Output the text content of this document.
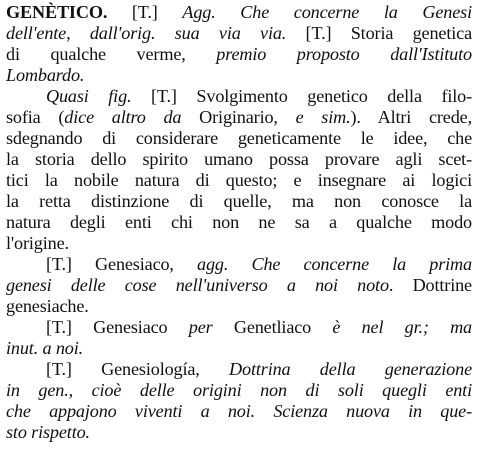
GENÈTICO. [T.] Agg. Che concerne la Genesi
dell'ente, dall'orig. sua via via. [T.] Storia genetica
di qualche verme, premio proposto dall'Istituto
Lombardo.
Quasi fig. [T.] Svolgimento genetico della filo-
sofia (dice altro da Originario, e sim.). Altri crede,
sdegnando di considerare geneticamente le idee, che
la storia dello spirito umano possa provare agli scet-
tici la nobile natura di questo; e insegnare ai logici
la retta distinzione di quelle, ma non conosce la
natura degli enti chi non ne sa a qualche modo
l'origine.
[T.] Genesiaco, agg. Che concerne la prima
genesi delle cose nell'universo a noi noto. Dottrine
genesiache.
[T.] Genesiaco per Genetliaco è nel gr.; ma
inut. a noi.
[T.] Genesiología, Dottrina della generazione
in gen., cioè delle origini non di soli quegli enti
che appajono viventi a noi. Scienza nuova in que-
sto rispetto.
